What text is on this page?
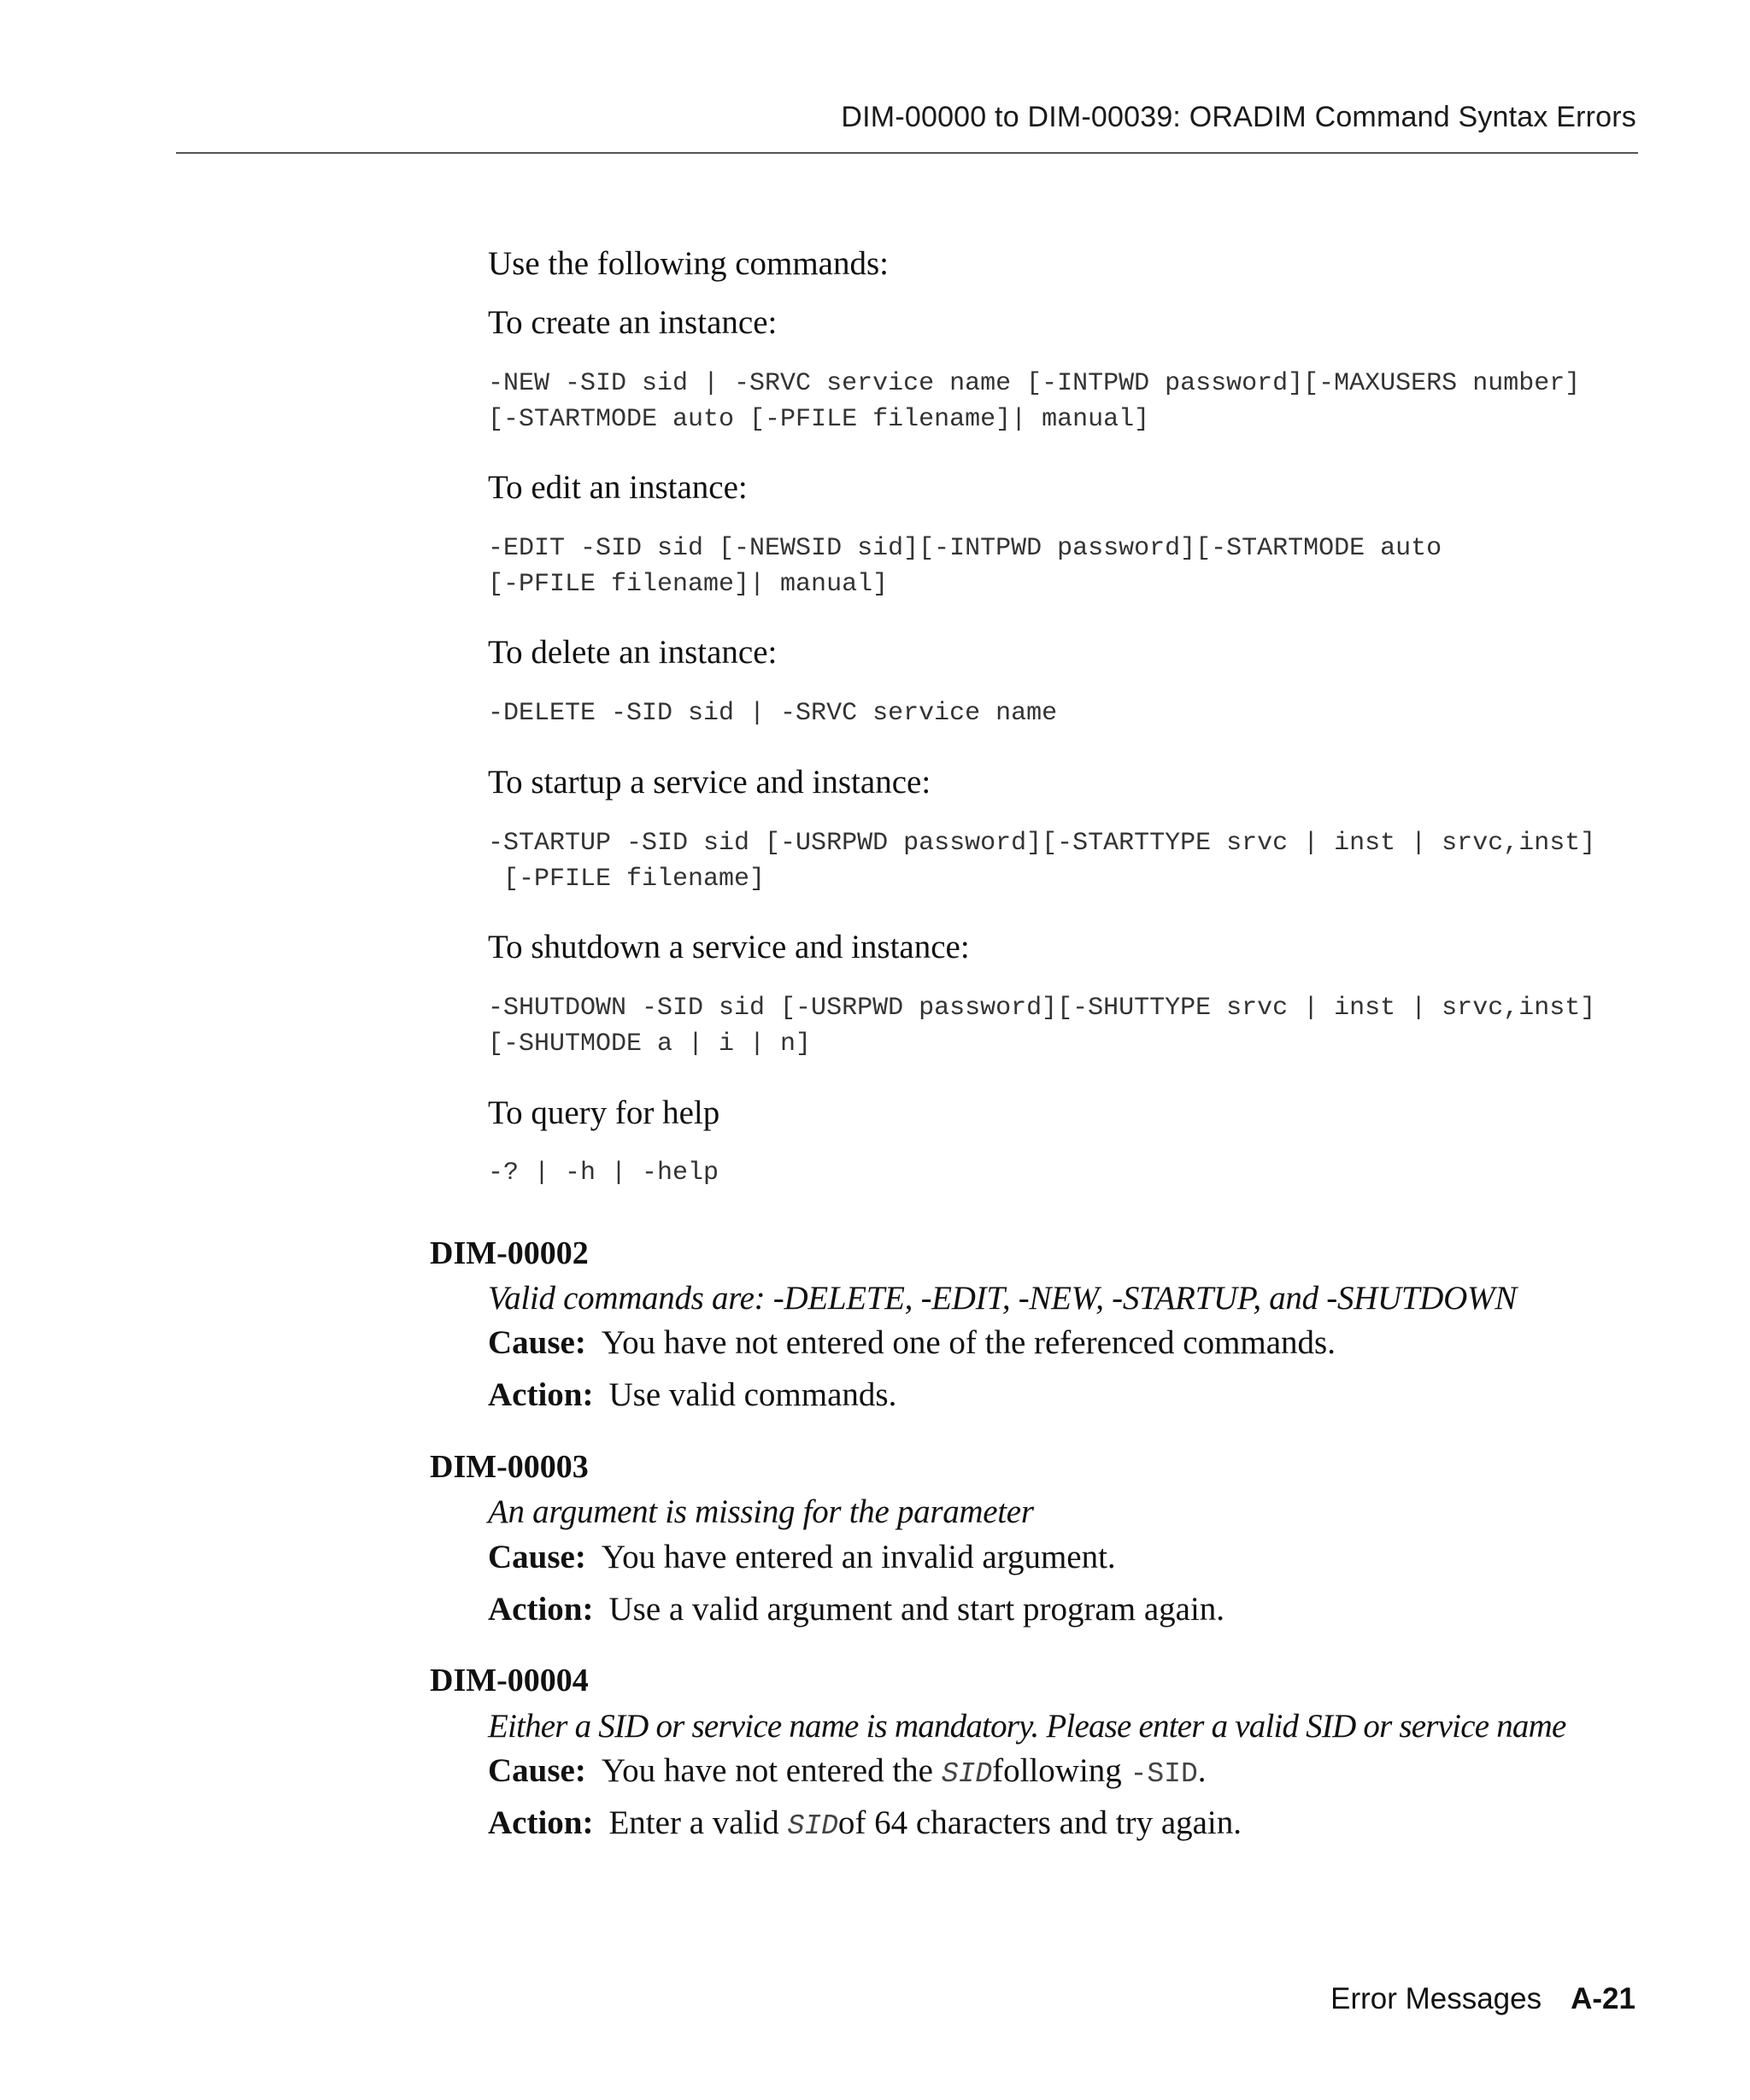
DIM-00000 to DIM-00039: ORADIM Command Syntax Errors
Use the following commands:
To create an instance:
-NEW -SID sid | -SRVC service name [-INTPWD password][-MAXUSERS number]
[-STARTMODE auto [-PFILE filename]| manual]
To edit an instance:
-EDIT -SID sid [-NEWSID sid][-INTPWD password][-STARTMODE auto
[-PFILE filename]| manual]
To delete an instance:
-DELETE -SID sid | -SRVC service name
To startup a service and instance:
-STARTUP -SID sid [-USRPWD password][-STARTTYPE srvc | inst | srvc,inst]
[-PFILE filename]
To shutdown a service and instance:
-SHUTDOWN -SID sid [-USRPWD password][-SHUTTYPE srvc | inst | srvc,inst]
[-SHUTMODE a | i | n]
To query for help
-? | -h | -help
DIM-00002
Valid commands are: -DELETE, -EDIT, -NEW, -STARTUP, and -SHUTDOWN
Cause: You have not entered one of the referenced commands.
Action: Use valid commands.
DIM-00003
An argument is missing for the parameter
Cause: You have entered an invalid argument.
Action: Use a valid argument and start program again.
DIM-00004
Either a SID or service name is mandatory. Please enter a valid SID or service name
Cause: You have not entered the SIDfollowing -SID.
Action: Enter a valid SIDof 64 characters and try again.
Error Messages A-21
